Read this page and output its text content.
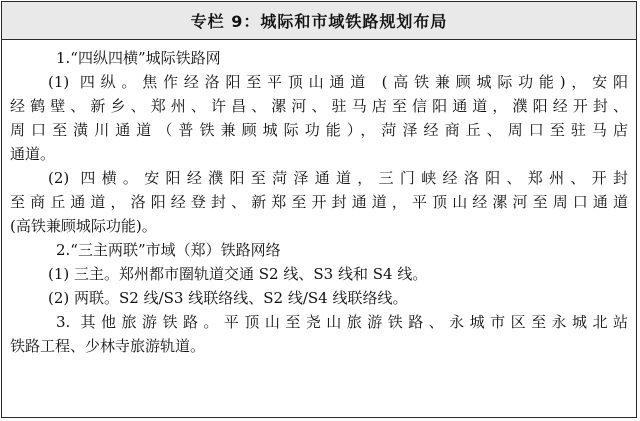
专栏 9：城际和市域铁路规划布局
1.“四纵四横”城际铁路网
(1) 四纵。焦作经洛阳至平顶山通道 (高铁兼顾城际功能)，安阳
经鹤壁、新乡、郑州、许昌、漯河、驻马店至信阳通道，濮阳经开封、
周口至潢川通道（普铁兼顾城际功能），菏泽经商丘、周口至驻马店
通道。
(2) 四横。安阳经濮阳至菏泽通道，三门峡经洛阳、郑州、开封
至商丘通道，洛阳经登封、新郑至开封通道，平顶山经漯河至周口通道
(高铁兼顾城际功能)。
2.“三主两联”市域（郑）铁路网络
(1) 三主。郑州都市圈轨道交通 S2 线、S3 线和 S4 线。
(2) 两联。S2 线/S3 线联络线、S2 线/S4 线联络线。
3. 其他旅游铁路。平顶山至尧山旅游铁路、永城市区至永城北站
铁路工程、少林寺旅游轨道。
